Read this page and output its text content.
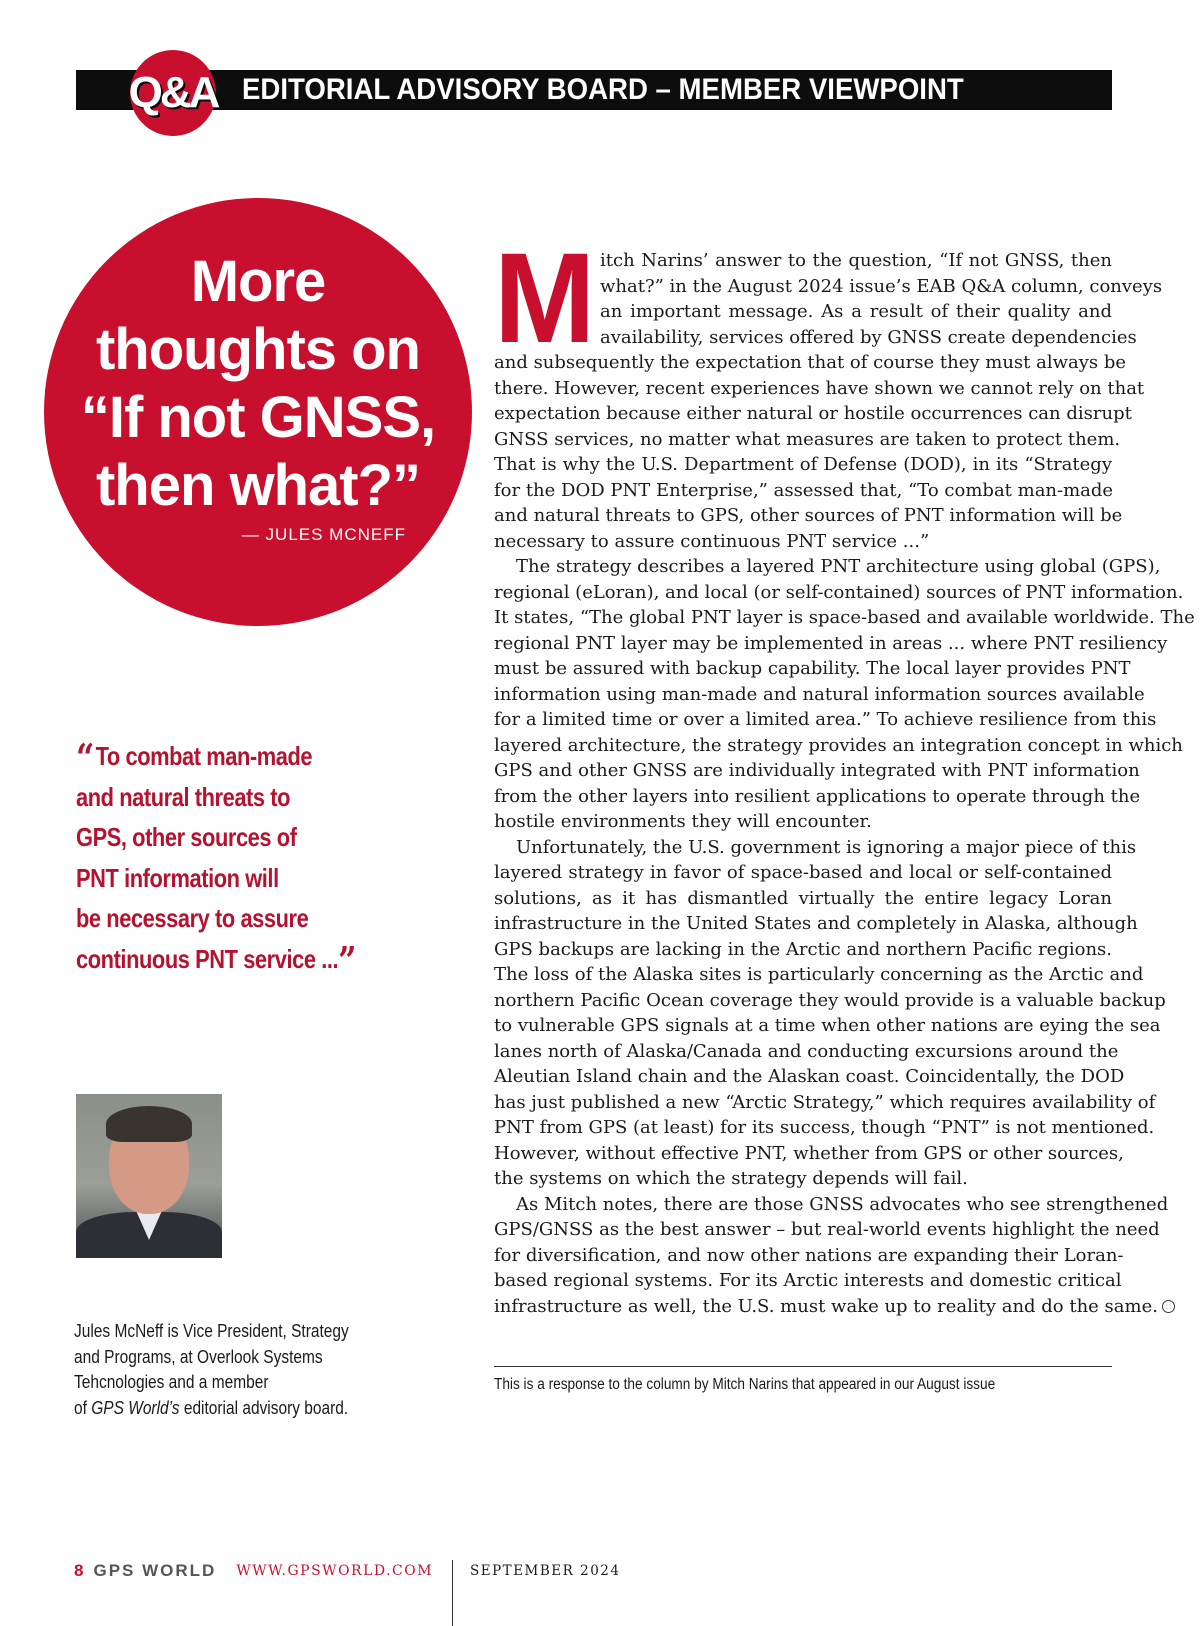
Q&A EDITORIAL ADVISORY BOARD – MEMBER VIEWPOINT
More
thoughts on
“If not GNSS,
then what?”
— JULES MCNEFF
“To combat man-made
and natural threats to
GPS, other sources of
PNT information will
be necessary to assure
continuous PNT service ...”
Jules McNeff is Vice President, Strategy
and Programs, at Overlook Systems
Tehcnologies and a member
of GPS World’s editorial advisory board.
M itch Narins’ answer to the question, “If not GNSS, then
what?” in the August 2024 issue’s EAB Q&A column, conveys
an important message. As a result of their quality and
availability, services offered by GNSS create dependencies
and subsequently the expectation that of course they must always be
there. However, recent experiences have shown we cannot rely on that
expectation because either natural or hostile occurrences can disrupt
GNSS services, no matter what measures are taken to protect them.
That is why the U.S. Department of Defense (DOD), in its “Strategy
for the DOD PNT Enterprise,” assessed that, “To combat man-made
and natural threats to GPS, other sources of PNT information will be
necessary to assure continuous PNT service ...”
The strategy describes a layered PNT architecture using global (GPS),
regional (eLoran), and local (or self-contained) sources of PNT information.
It states, “The global PNT layer is space-based and available worldwide. The
regional PNT layer may be implemented in areas ... where PNT resiliency
must be assured with backup capability. The local layer provides PNT
information using man-made and natural information sources available
for a limited time or over a limited area.” To achieve resilience from this
layered architecture, the strategy provides an integration concept in which
GPS and other GNSS are individually integrated with PNT information
from the other layers into resilient applications to operate through the
hostile environments they will encounter.
Unfortunately, the U.S. government is ignoring a major piece of this
layered strategy in favor of space-based and local or self-contained
solutions, as it has dismantled virtually the entire legacy Loran
infrastructure in the United States and completely in Alaska, although
GPS backups are lacking in the Arctic and northern Pacific regions.
The loss of the Alaska sites is particularly concerning as the Arctic and
northern Pacific Ocean coverage they would provide is a valuable backup
to vulnerable GPS signals at a time when other nations are eying the sea
lanes north of Alaska/Canada and conducting excursions around the
Aleutian Island chain and the Alaskan coast. Coincidentally, the DOD
has just published a new “Arctic Strategy,” which requires availability of
PNT from GPS (at least) for its success, though “PNT” is not mentioned.
However, without effective PNT, whether from GPS or other sources,
the systems on which the strategy depends will fail.
As Mitch notes, there are those GNSS advocates who see strengthened
GPS/GNSS as the best answer – but real-world events highlight the need
for diversification, and now other nations are expanding their Loran-
based regional systems. For its Arctic interests and domestic critical
infrastructure as well, the U.S. must wake up to reality and do the same.
This is a response to the column by Mitch Narins that appeared in our August issue
8 GPS WORLD WWW.GPSWORLD.COM	SEPTEMBER 2024
